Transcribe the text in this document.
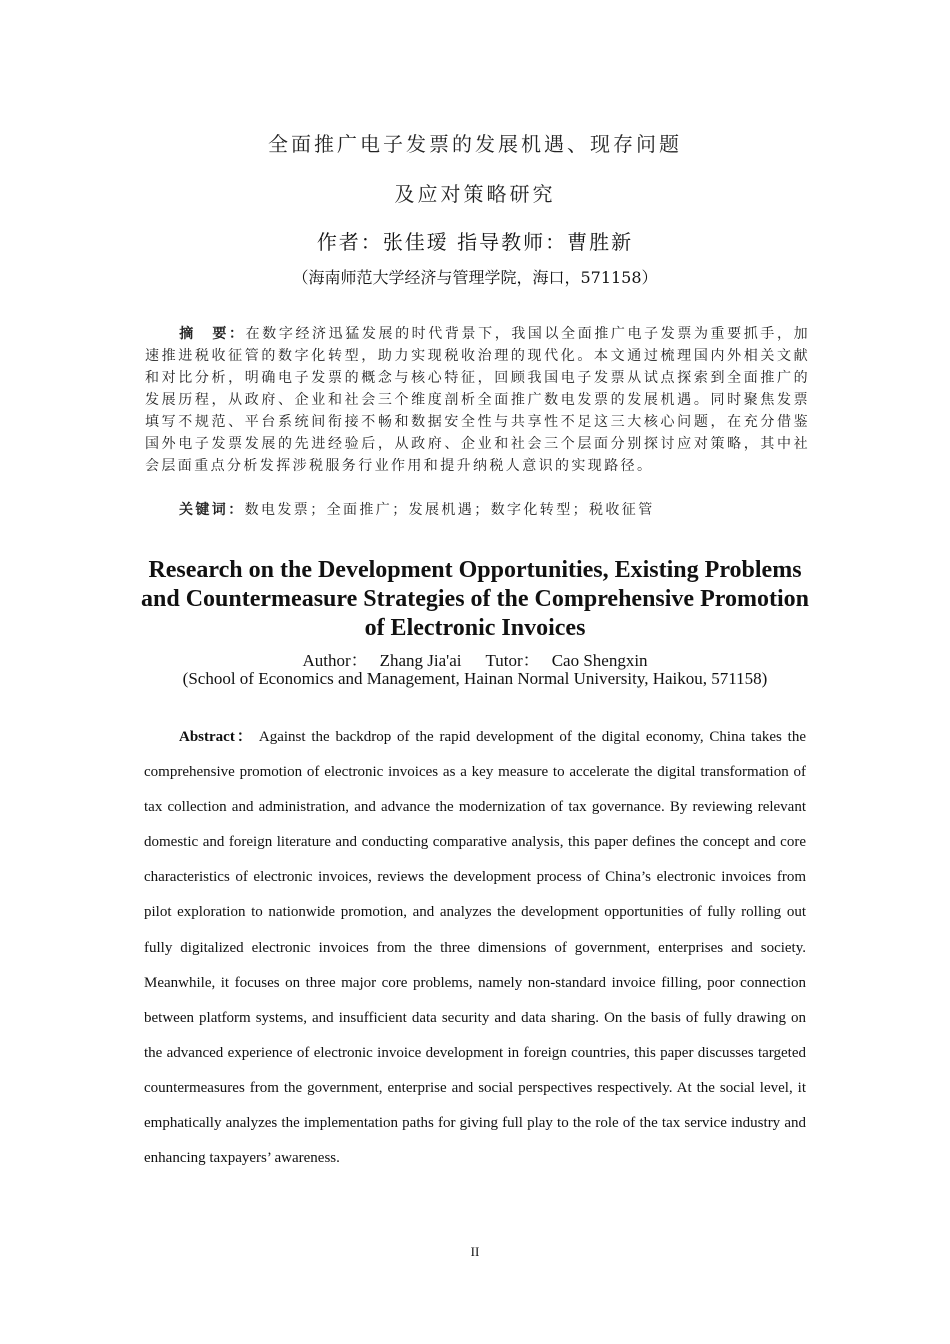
全面推广电子发票的发展机遇、现存问题
及应对策略研究
作者：张佳瑷 指导教师：曹胜新
（海南师范大学经济与管理学院，海口，571158）
摘　要：在数字经济迅猛发展的时代背景下，我国以全面推广电子发票为重要抓手，加速推进税收征管的数字化转型，助力实现税收治理的现代化。本文通过梳理国内外相关文献和对比分析，明确电子发票的概念与核心特征，回顾我国电子发票从试点探索到全面推广的发展历程，从政府、企业和社会三个维度剖析全面推广数电发票的发展机遇。同时聚焦发票填写不规范、平台系统间衔接不畅和数据安全性与共享性不足这三大核心问题，在充分借鉴国外电子发票发展的先进经验后，从政府、企业和社会三个层面分别探讨应对策略，其中社会层面重点分析发挥涉税服务行业作用和提升纳税人意识的实现路径。
关键词：数电发票；全面推广；发展机遇；数字化转型；税收征管
Research on the Development Opportunities, Existing Problems and Countermeasure Strategies of the Comprehensive Promotion of Electronic Invoices
Author： Zhang Jia'ai Tutor： Cao Shengxin
(School of Economics and Management, Hainan Normal University, Haikou, 571158)
Abstract： Against the backdrop of the rapid development of the digital economy, China takes the comprehensive promotion of electronic invoices as a key measure to accelerate the digital transformation of tax collection and administration, and advance the modernization of tax governance. By reviewing relevant domestic and foreign literature and conducting comparative analysis, this paper defines the concept and core characteristics of electronic invoices, reviews the development process of China’s electronic invoices from pilot exploration to nationwide promotion, and analyzes the development opportunities of fully rolling out fully digitalized electronic invoices from the three dimensions of government, enterprises and society. Meanwhile, it focuses on three major core problems, namely non-standard invoice filling, poor connection between platform systems, and insufficient data security and data sharing. On the basis of fully drawing on the advanced experience of electronic invoice development in foreign countries, this paper discusses targeted countermeasures from the government, enterprise and social perspectives respectively. At the social level, it emphatically analyzes the implementation paths for giving full play to the role of the tax service industry and enhancing taxpayers’ awareness.
II
